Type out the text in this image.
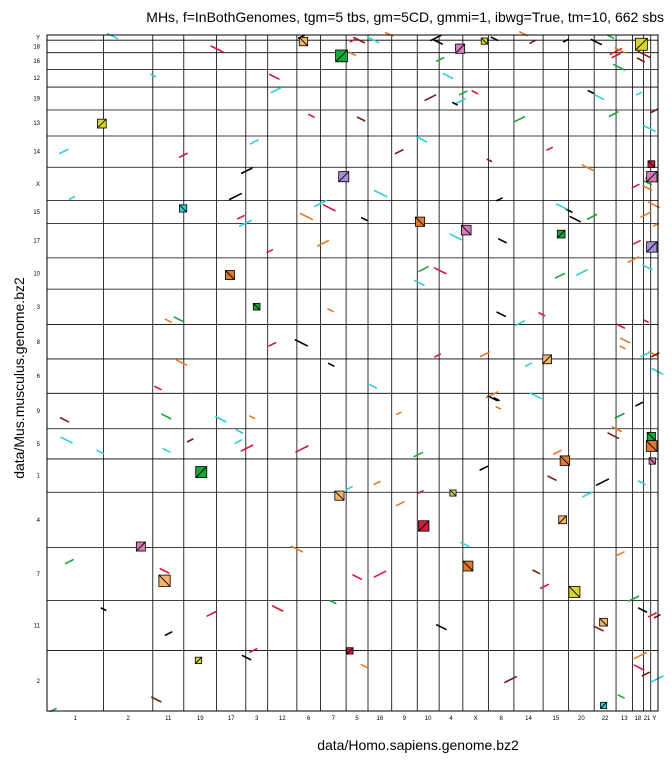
MHs, f=InBothGenomes, tgm=5 tbs, gm=5CD, gmmi=1, ibwg=True, tm=10, 662 sbs
1	2	11	19	17	3	12	6	7	5	16	9	10	4	X	8	14	15	20	22 13 18 21 Y
Y
18
16
12
19
13
14
X
15
17
10
3
8
6
9
5
1
4
7
11
2
data/Homo.sapiens.genome.bz2
data/Mus.musculus.genome.bz2
